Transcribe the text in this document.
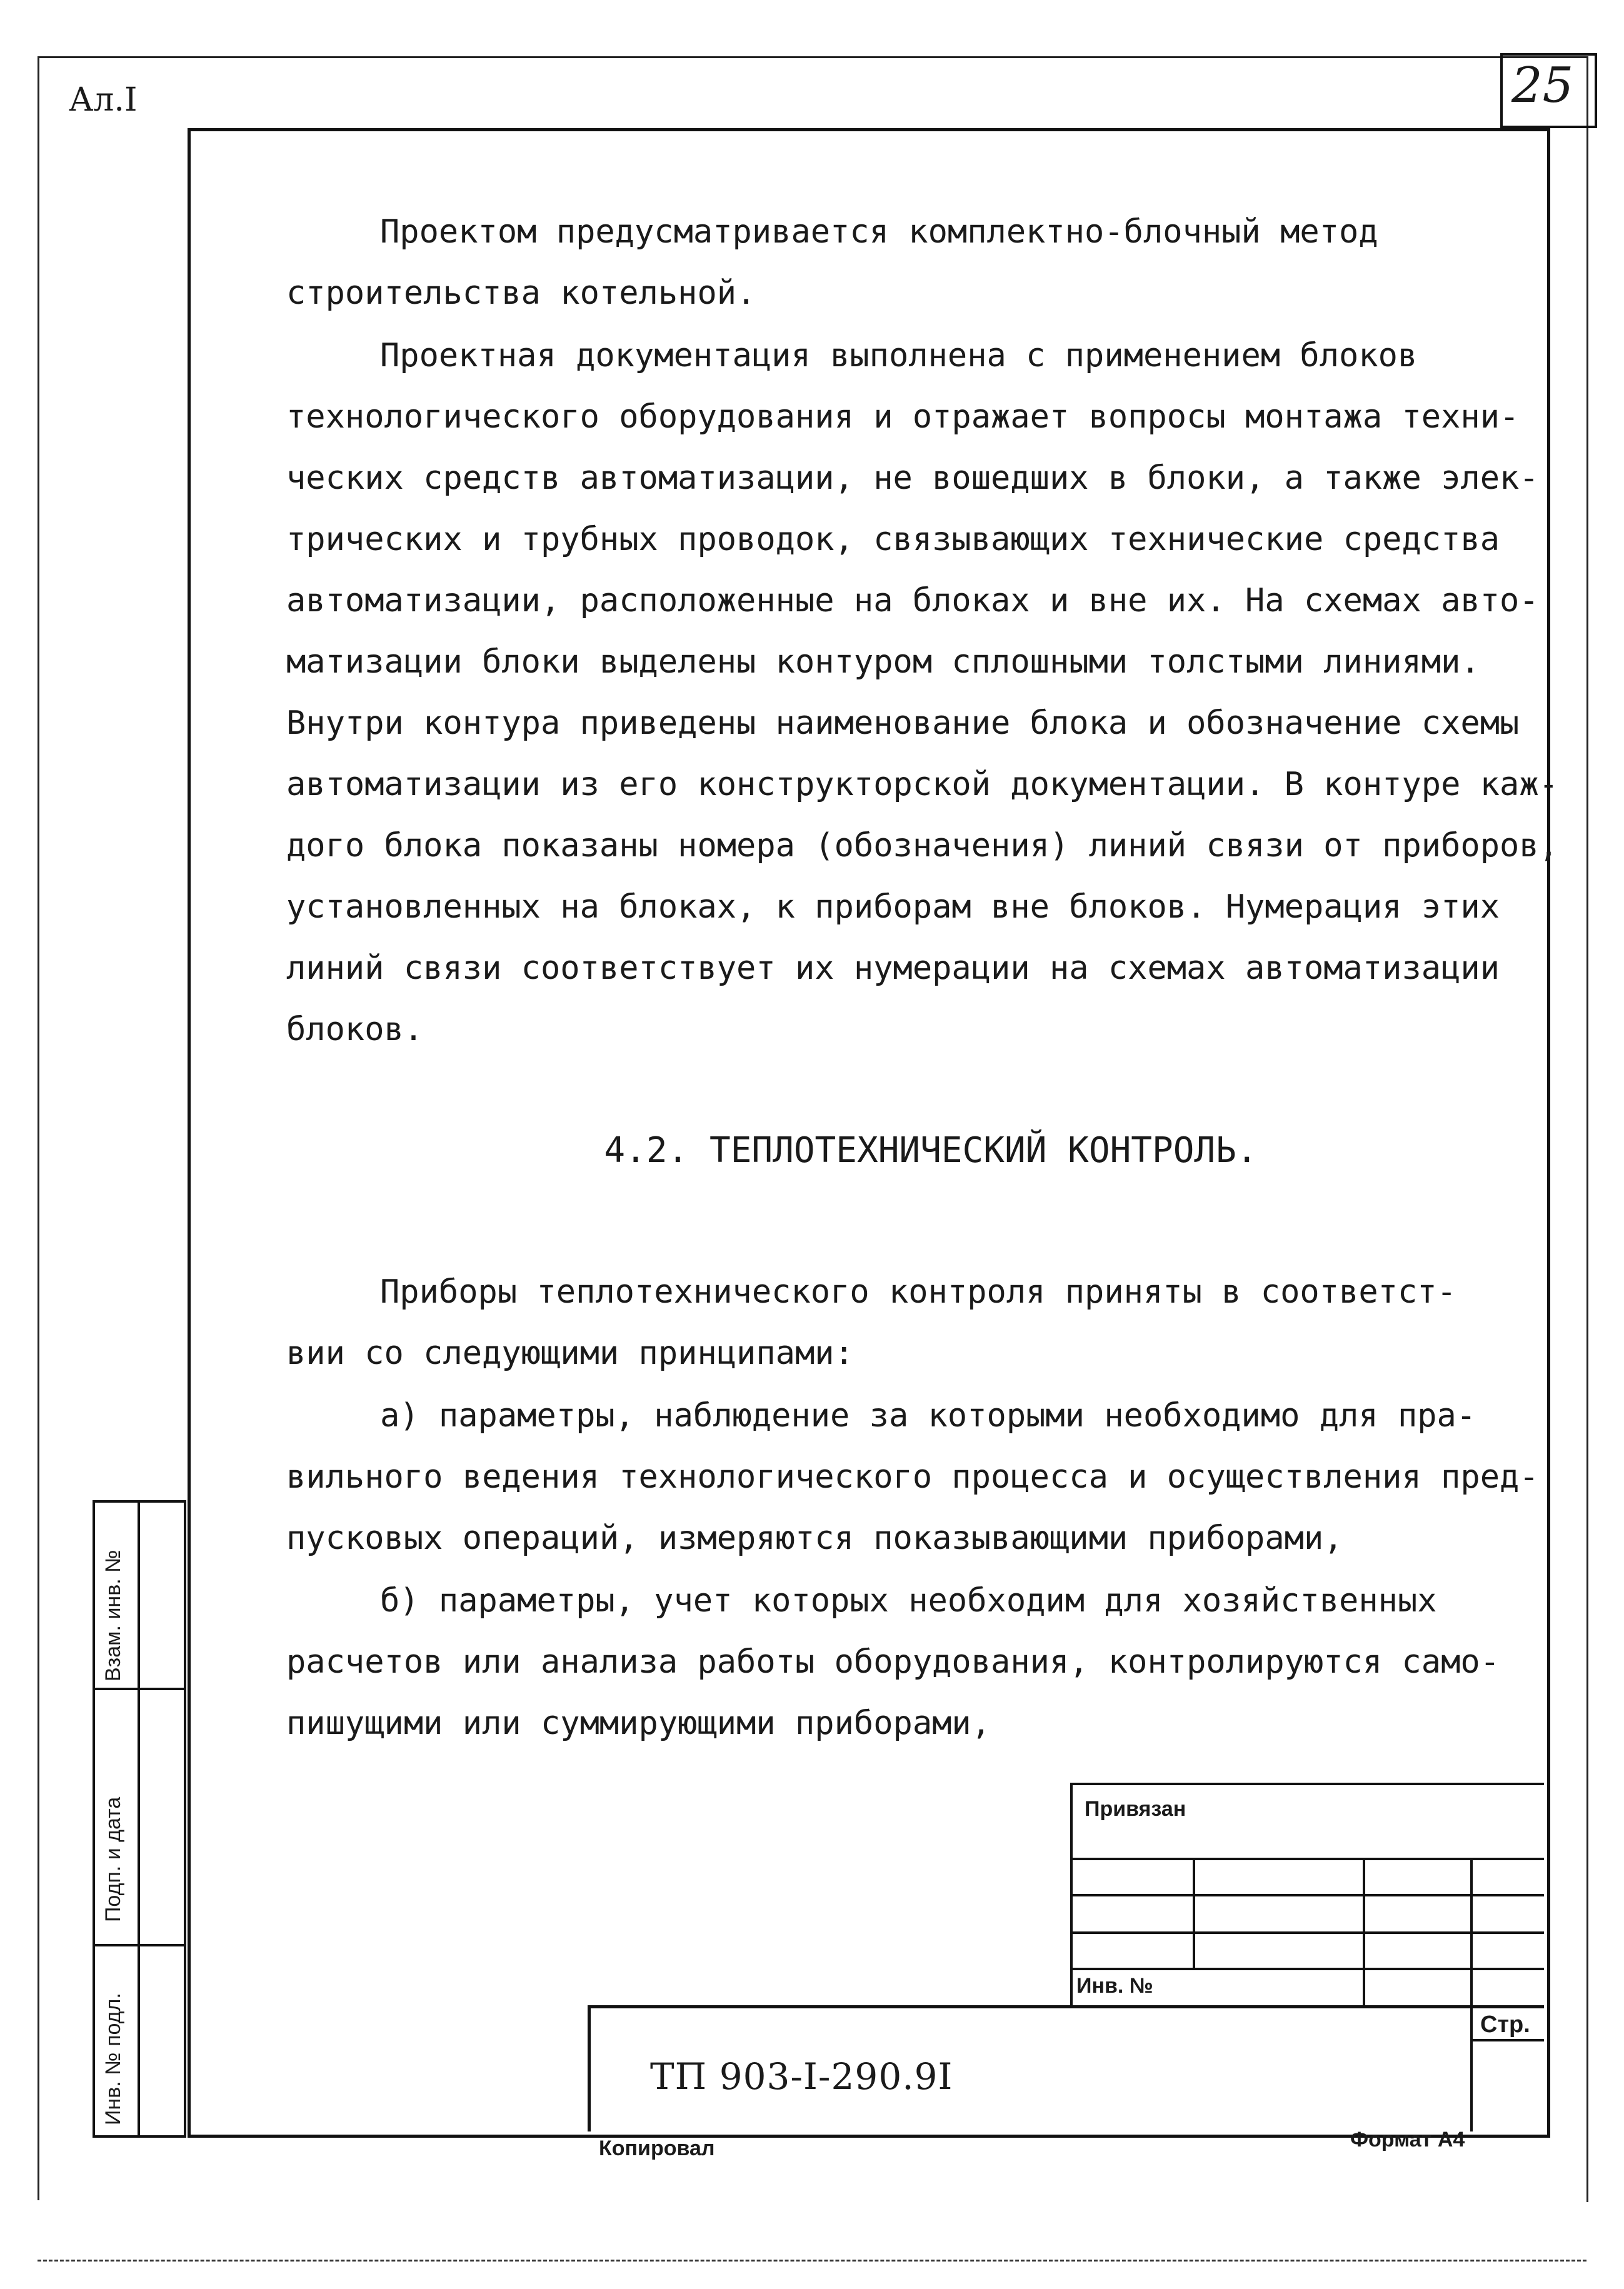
Ал.I	25
Проектом предусматривается комплектно-блочный метод
строительства котельной.
Проектная документация выполнена с применением блоков
технологического оборудования и отражает вопросы монтажа техни-
ческих средств автоматизации, не вошедших в блоки, а также элек-
трических и трубных проводок, связывающих технические средства
автоматизации, расположенные на блоках и вне их. На схемах авто-
матизации блоки выделены контуром сплошными толстыми линиями.
Внутри контура приведены наименование блока и обозначение схемы
автоматизации из его конструкторской документации. В контуре каж-
дого блока показаны номера (обозначения) линий связи от приборов,
установленных на блоках, к приборам вне блоков. Нумерация этих
линий связи соответствует их нумерации на схемах автоматизации
блоков.
4.2. ТЕПЛОТЕХНИЧЕСКИЙ КОНТРОЛЬ.
Приборы теплотехнического контроля приняты в соответст-
вии со следующими принципами:
а) параметры, наблюдение за которыми необходимо для пра-
вильного ведения технологического процесса и осуществления пред-
пусковых операций, измеряются показывающими приборами,
б) параметры, учет которых необходим для хозяйственных
расчетов или анализа работы оборудования, контролируются само-
пишущими или суммирующими приборами,
Взам. инв. №
Подп. и дата
Инв. № подл.
Привязан
Инв. №
Стр.
ТП 903-I-290.9I
Копировал	Формат А4
